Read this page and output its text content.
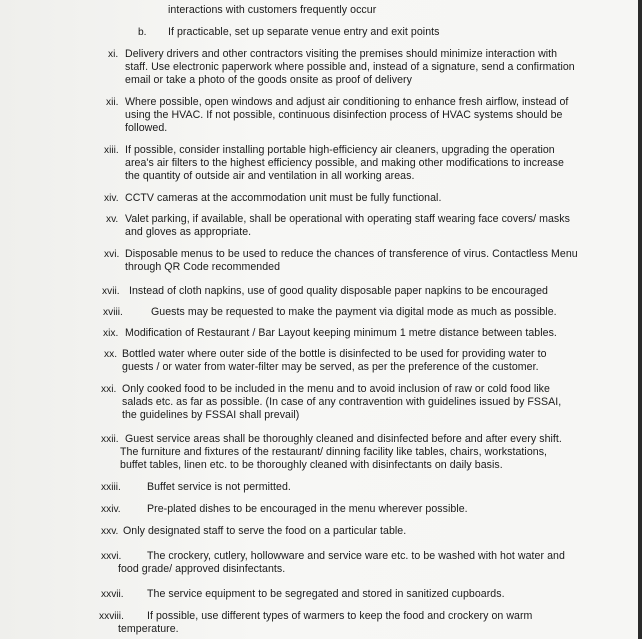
interactions with customers frequently occur
b. If practicable, set up separate venue entry and exit points
xi. Delivery drivers and other contractors visiting the premises should minimize interaction with
staff. Use electronic paperwork where possible and, instead of a signature, send a confirmation
email or take a photo of the goods onsite as proof of delivery
xii. Where possible, open windows and adjust air conditioning to enhance fresh airflow, instead of
using the HVAC. If not possible, continuous disinfection process of HVAC systems should be
followed.
xiii. If possible, consider installing portable high-efficiency air cleaners, upgrading the operation
area's air filters to the highest efficiency possible, and making other modifications to increase
the quantity of outside air and ventilation in all working areas.
xiv. CCTV cameras at the accommodation unit must be fully functional.
xv. Valet parking, if available, shall be operational with operating staff wearing face covers/ masks
and gloves as appropriate.
xvi. Disposable menus to be used to reduce the chances of transference of virus. Contactless Menu
through QR Code recommended
xvii. Instead of cloth napkins, use of good quality disposable paper napkins to be encouraged
xviii.	Guests may be requested to make the payment via digital mode as much as possible.
xix. Modification of Restaurant / Bar Layout keeping minimum 1 metre distance between tables.
xx. Bottled water where outer side of the bottle is disinfected to be used for providing water to
guests / or water from water-filter may be served, as per the preference of the customer.
xxi. Only cooked food to be included in the menu and to avoid inclusion of raw or cold food like
salads etc. as far as possible. (In case of any contravention with guidelines issued by FSSAI,
the guidelines by FSSAI shall prevail)
xxii. Guest service areas shall be thoroughly cleaned and disinfected before and after every shift.
The furniture and fixtures of the restaurant/ dinning facility like tables, chairs, workstations,
buffet tables, linen etc. to be thoroughly cleaned with disinfectants on daily basis.
xxiii. Buffet service is not permitted.
xxiv. Pre-plated dishes to be encouraged in the menu wherever possible.
xxv. Only designated staff to serve the food on a particular table.
xxvi. The crockery, cutlery, hollowware and service ware etc. to be washed with hot water and
food grade/ approved disinfectants.
xxvii. The service equipment to be segregated and stored in sanitized cupboards.
xxviii. If possible, use different types of warmers to keep the food and crockery on warm
temperature.
